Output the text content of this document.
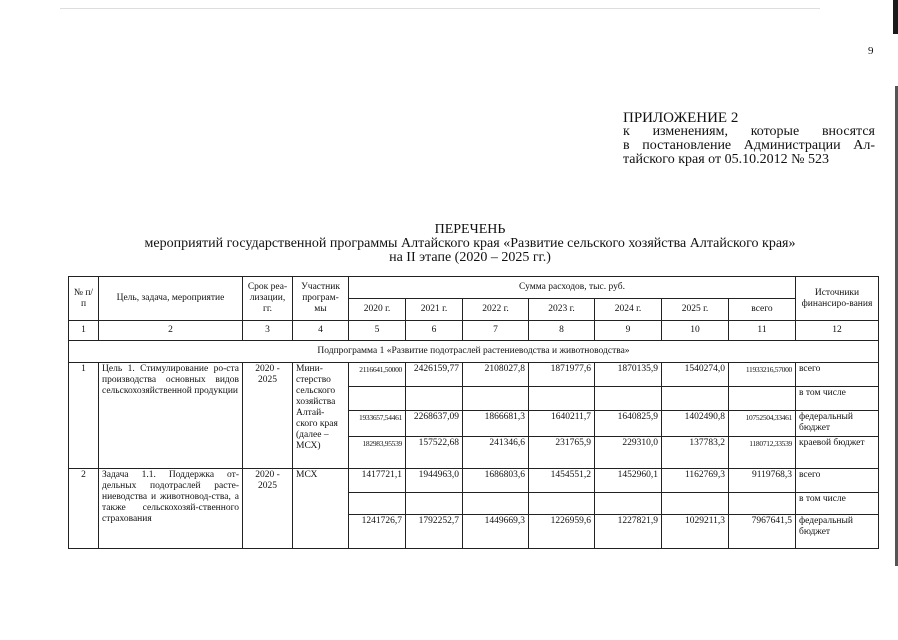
9
ПРИЛОЖЕНИЕ 2
к изменениям, которые вносятся
в постановление Администрации Ал-
тайского края от 05.10.2012 № 523
ПЕРЕЧЕНЬ
мероприятий государственной программы Алтайского края «Развитие сельского хозяйства Алтайского края»
на II этапе (2020 – 2025 гг.)
№ п/п	Цель, задача, мероприятие	Срок реа-лизации, гг.	Участник програм-мы	Сумма расходов, тыс. руб.							Источники финансиро-вания
				2020 г.	2021 г.	2022 г.	2023 г.	2024 г.	2025 г.	всего	
1	2	3	4	5	6	7	8	9	10	11	12
Подпрограмма 1 «Развитие подотраслей растениеводства и животноводства»											
1	Цель 1. Стимулирование ро-ста производства основных видов сельскохозяйственной продукции	2020 - 2025	Мини-стерство сельского хозяйства Алтай-ского края (далее – МСХ)	2116641,50000	2426159,77	2108027,8	1871977,6	1870135,9	1540274,0	11933216,57000	всего
											в том числе
				1933657,54461	2268637,09	1866681,3	1640211,7	1640825,9	1402490,8	10752504,33461	федеральный бюджет
				182983,95539	157522,68	241346,6	231765,9	229310,0	137783,2	1180712,33539	краевой бюджет
2	Задача 1.1. Поддержка от-дельных подотраслей расте-ниеводства и животновод-ства, а также сельскохозяй-ственного страхования	2020 - 2025	МСХ	1417721,1	1944963,0	1686803,6	1454551,2	1452960,1	1162769,3	9119768,3	всего
											в том числе
				1241726,7	1792252,7	1449669,3	1226959,6	1227821,9	1029211,3	7967641,5	федеральный бюджет
